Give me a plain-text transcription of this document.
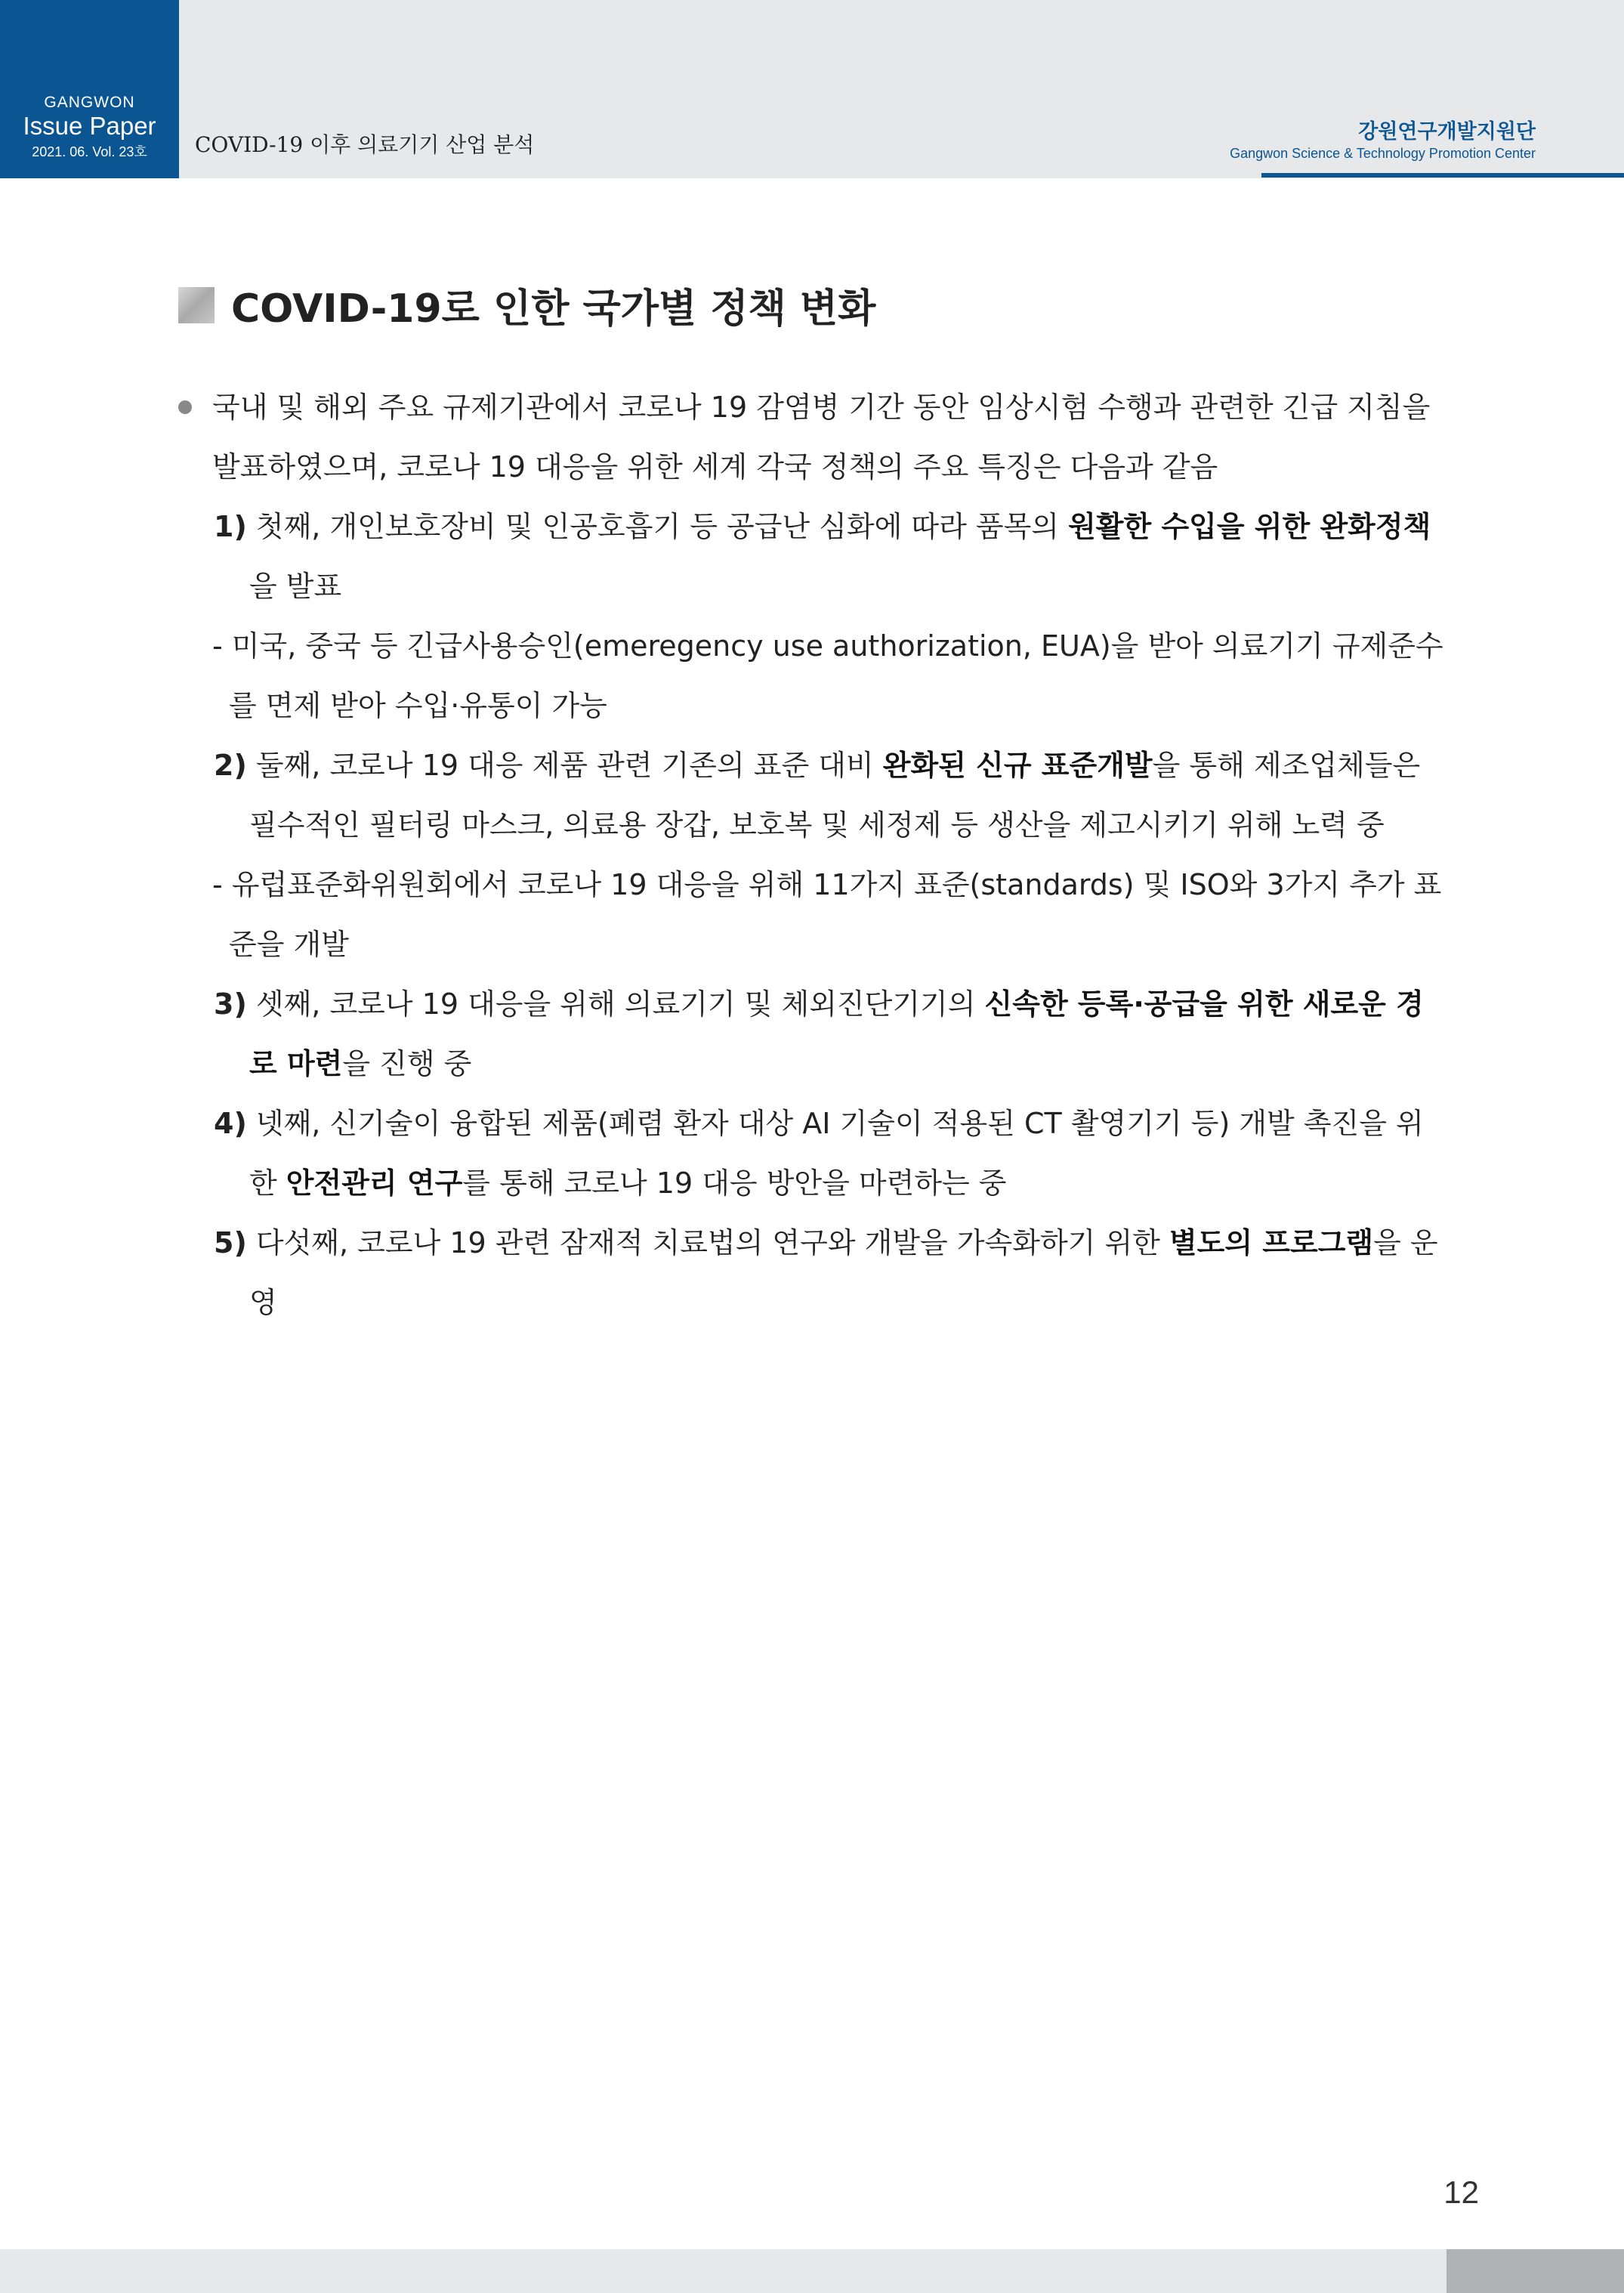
GANGWON
Issue Paper
2021. 06. Vol. 23호	COVID-19 이후 의료기기 산업 분석
강원연구개발지원단
Gangwon Science & Technology Promotion Center
COVID-19로 인한 국가별 정책 변화
국내 및 해외 주요 규제기관에서 코로나 19 감염병 기간 동안 임상시험 수행과 관련한 긴급 지침을 발표하였으며, 코로나 19 대응을 위한 세계 각국 정책의 주요 특징은 다음과 같음
1) 첫째, 개인보호장비 및 인공호흡기 등 공급난 심화에 따라 품목의 원활한 수입을 위한 완화정책을 발표
- 미국, 중국 등 긴급사용승인(emeregency use authorization, EUA)을 받아 의료기기 규제준수를 면제 받아 수입·유통이 가능
2) 둘째, 코로나 19 대응 제품 관련 기존의 표준 대비 완화된 신규 표준개발을 통해 제조업체들은 필수적인 필터링 마스크, 의료용 장갑, 보호복 및 세정제 등 생산을 제고시키기 위해 노력 중
- 유럽표준화위원회에서 코로나 19 대응을 위해 11가지 표준(standards) 및 ISO와 3가지 추가 표준을 개발
3) 셋째, 코로나 19 대응을 위해 의료기기 및 체외진단기기의 신속한 등록·공급을 위한 새로운 경로 마련을 진행 중
4) 넷째, 신기술이 융합된 제품(폐렴 환자 대상 AI 기술이 적용된 CT 촬영기기 등) 개발 촉진을 위한 안전관리 연구를 통해 코로나 19 대응 방안을 마련하는 중
5) 다섯째, 코로나 19 관련 잠재적 치료법의 연구와 개발을 가속화하기 위한 별도의 프로그램을 운영
12
